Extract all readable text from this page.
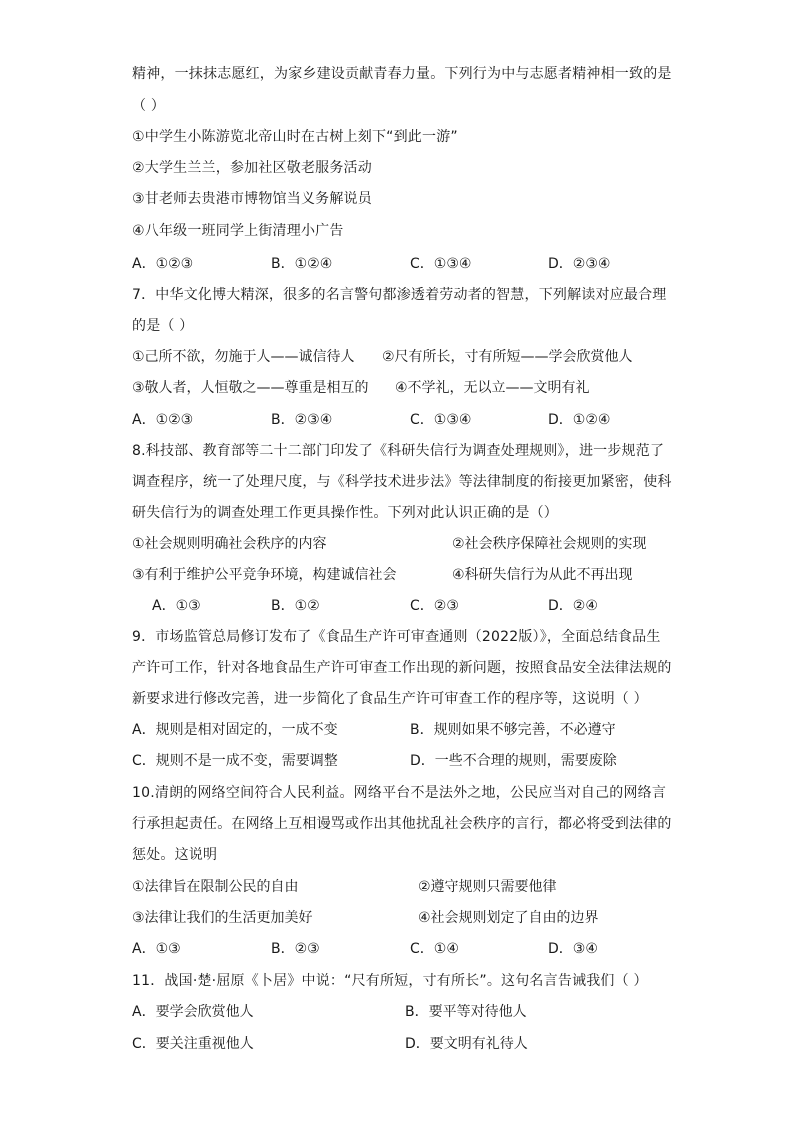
精神，一抹抹志愿红，为家乡建设贡献青春力量。下列行为中与志愿者精神相一致的是
（ ）
①中学生小陈游览北帝山时在古树上刻下“到此一游”
②大学生兰兰，参加社区敬老服务活动
③甘老师去贵港市博物馆当义务解说员
④八年级一班同学上街清理小广告
A．①②③	B．①②④	C．①③④	D．②③④
7．中华文化博大精深，很多的名言警句都渗透着劳动者的智慧，下列解读对应最合理
的是（ ）
①己所不欲，勿施于人——诚信待人 ②尺有所长，寸有所短——学会欣赏他人
③敬人者，人恒敬之——尊重是相互的 ④不学礼，无以立——文明有礼
A．①②③	B．②③④	C．①③④	D．①②④
8.科技部、教育部等二十二部门印发了《科研失信行为调查处理规则》，进一步规范了
调查程序，统一了处理尺度，与《科学技术进步法》等法律制度的衔接更加紧密，使科
研失信行为的调查处理工作更具操作性。下列对此认识正确的是（）
①社会规则明确社会秩序的内容	②社会秩序保障社会规则的实现
③有利于维护公平竞争环境，构建诚信社会	④科研失信行为从此不再出现
A．①③	B．①②	C．②③	D．②④
9．市场监管总局修订发布了《食品生产许可审查通则（2022版）》，全面总结食品生
产许可工作，针对各地食品生产许可审查工作出现的新问题，按照食品安全法律法规的
新要求进行修改完善，进一步简化了食品生产许可审查工作的程序等，这说明（ ）
A．规则是相对固定的，一成不变	B．规则如果不够完善，不必遵守
C．规则不是一成不变，需要调整	D．一些不合理的规则，需要废除
10.清朗的网络空间符合人民利益。网络平台不是法外之地，公民应当对自己的网络言
行承担起责任。在网络上互相谩骂或作出其他扰乱社会秩序的言行，都必将受到法律的
惩处。这说明
①法律旨在限制公民的自由	②遵守规则只需要他律
③法律让我们的生活更加美好	④社会规则划定了自由的边界
A．①③	B．②③	C．①④	D．③④
11．战国·楚·屈原《卜居》中说：“尺有所短，寸有所长”。这句名言告诫我们（ ）
A．要学会欣赏他人	B．要平等对待他人
C．要关注重视他人	D．要文明有礼待人
